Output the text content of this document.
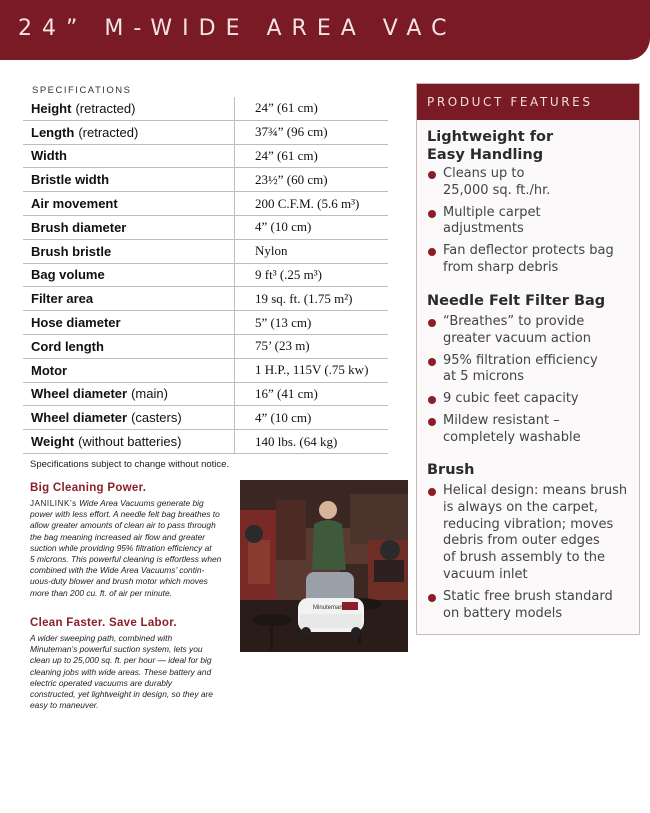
24” M-WIDE AREA VAC
SPECIFICATIONS
Height (retracted)	24” (61 cm)
Length (retracted)	37¾” (96 cm)
Width	24” (61 cm)
Bristle width	23½” (60 cm)
Air movement	200 C.F.M. (5.6 m³)
Brush diameter	4” (10 cm)
Brush bristle	Nylon
Bag volume	9 ft³ (.25 m³)
Filter area	19 sq. ft. (1.75 m²)
Hose diameter	5” (13 cm)
Cord length	75’ (23 m)
Motor	1 H.P., 115V (.75 kw)
Wheel diameter (main)	16” (41 cm)
Wheel diameter (casters)	4” (10 cm)
Weight (without batteries)	140 lbs. (64 kg)
Specifications subject to change without notice.
Big Cleaning Power.
JANILINK’s Wide Area Vacuums generate big
power with less effort. A needle felt bag breathes to
allow greater amounts of clean air to pass through
the bag meaning increased air flow and greater
suction while providing 95% filtration efficiency at
5 microns. This powerful cleaning is effortless when
combined with the Wide Area Vacuums’ contin-
uous-duty blower and brush motor which moves
more than 200 cu. ft. of air per minute.
Clean Faster. Save Labor.
A wider sweeping path, combined with
Minuteman’s powerful suction system, lets you
clean up to 25,000 sq. ft. per hour — ideal for big
cleaning jobs with wide areas. These battery and
electric operated vacuums are durably
constructed, yet lightweight in design, so they are
easy to maneuver.
Minuteman
PRODUCT FEATURES
Lightweight for
Easy Handling
Cleans up to
25,000 sq. ft./hr.
Multiple carpet
adjustments
Fan deflector protects bag
from sharp debris
Needle Felt Filter Bag
“Breathes” to provide
greater vacuum action
95% filtration efficiency
at 5 microns
9 cubic feet capacity
Mildew resistant –
completely washable
Brush
Helical design: means brush
is always on the carpet,
reducing vibration; moves
debris from outer edges
of brush assembly to the
vacuum inlet
Static free brush standard
on battery models
